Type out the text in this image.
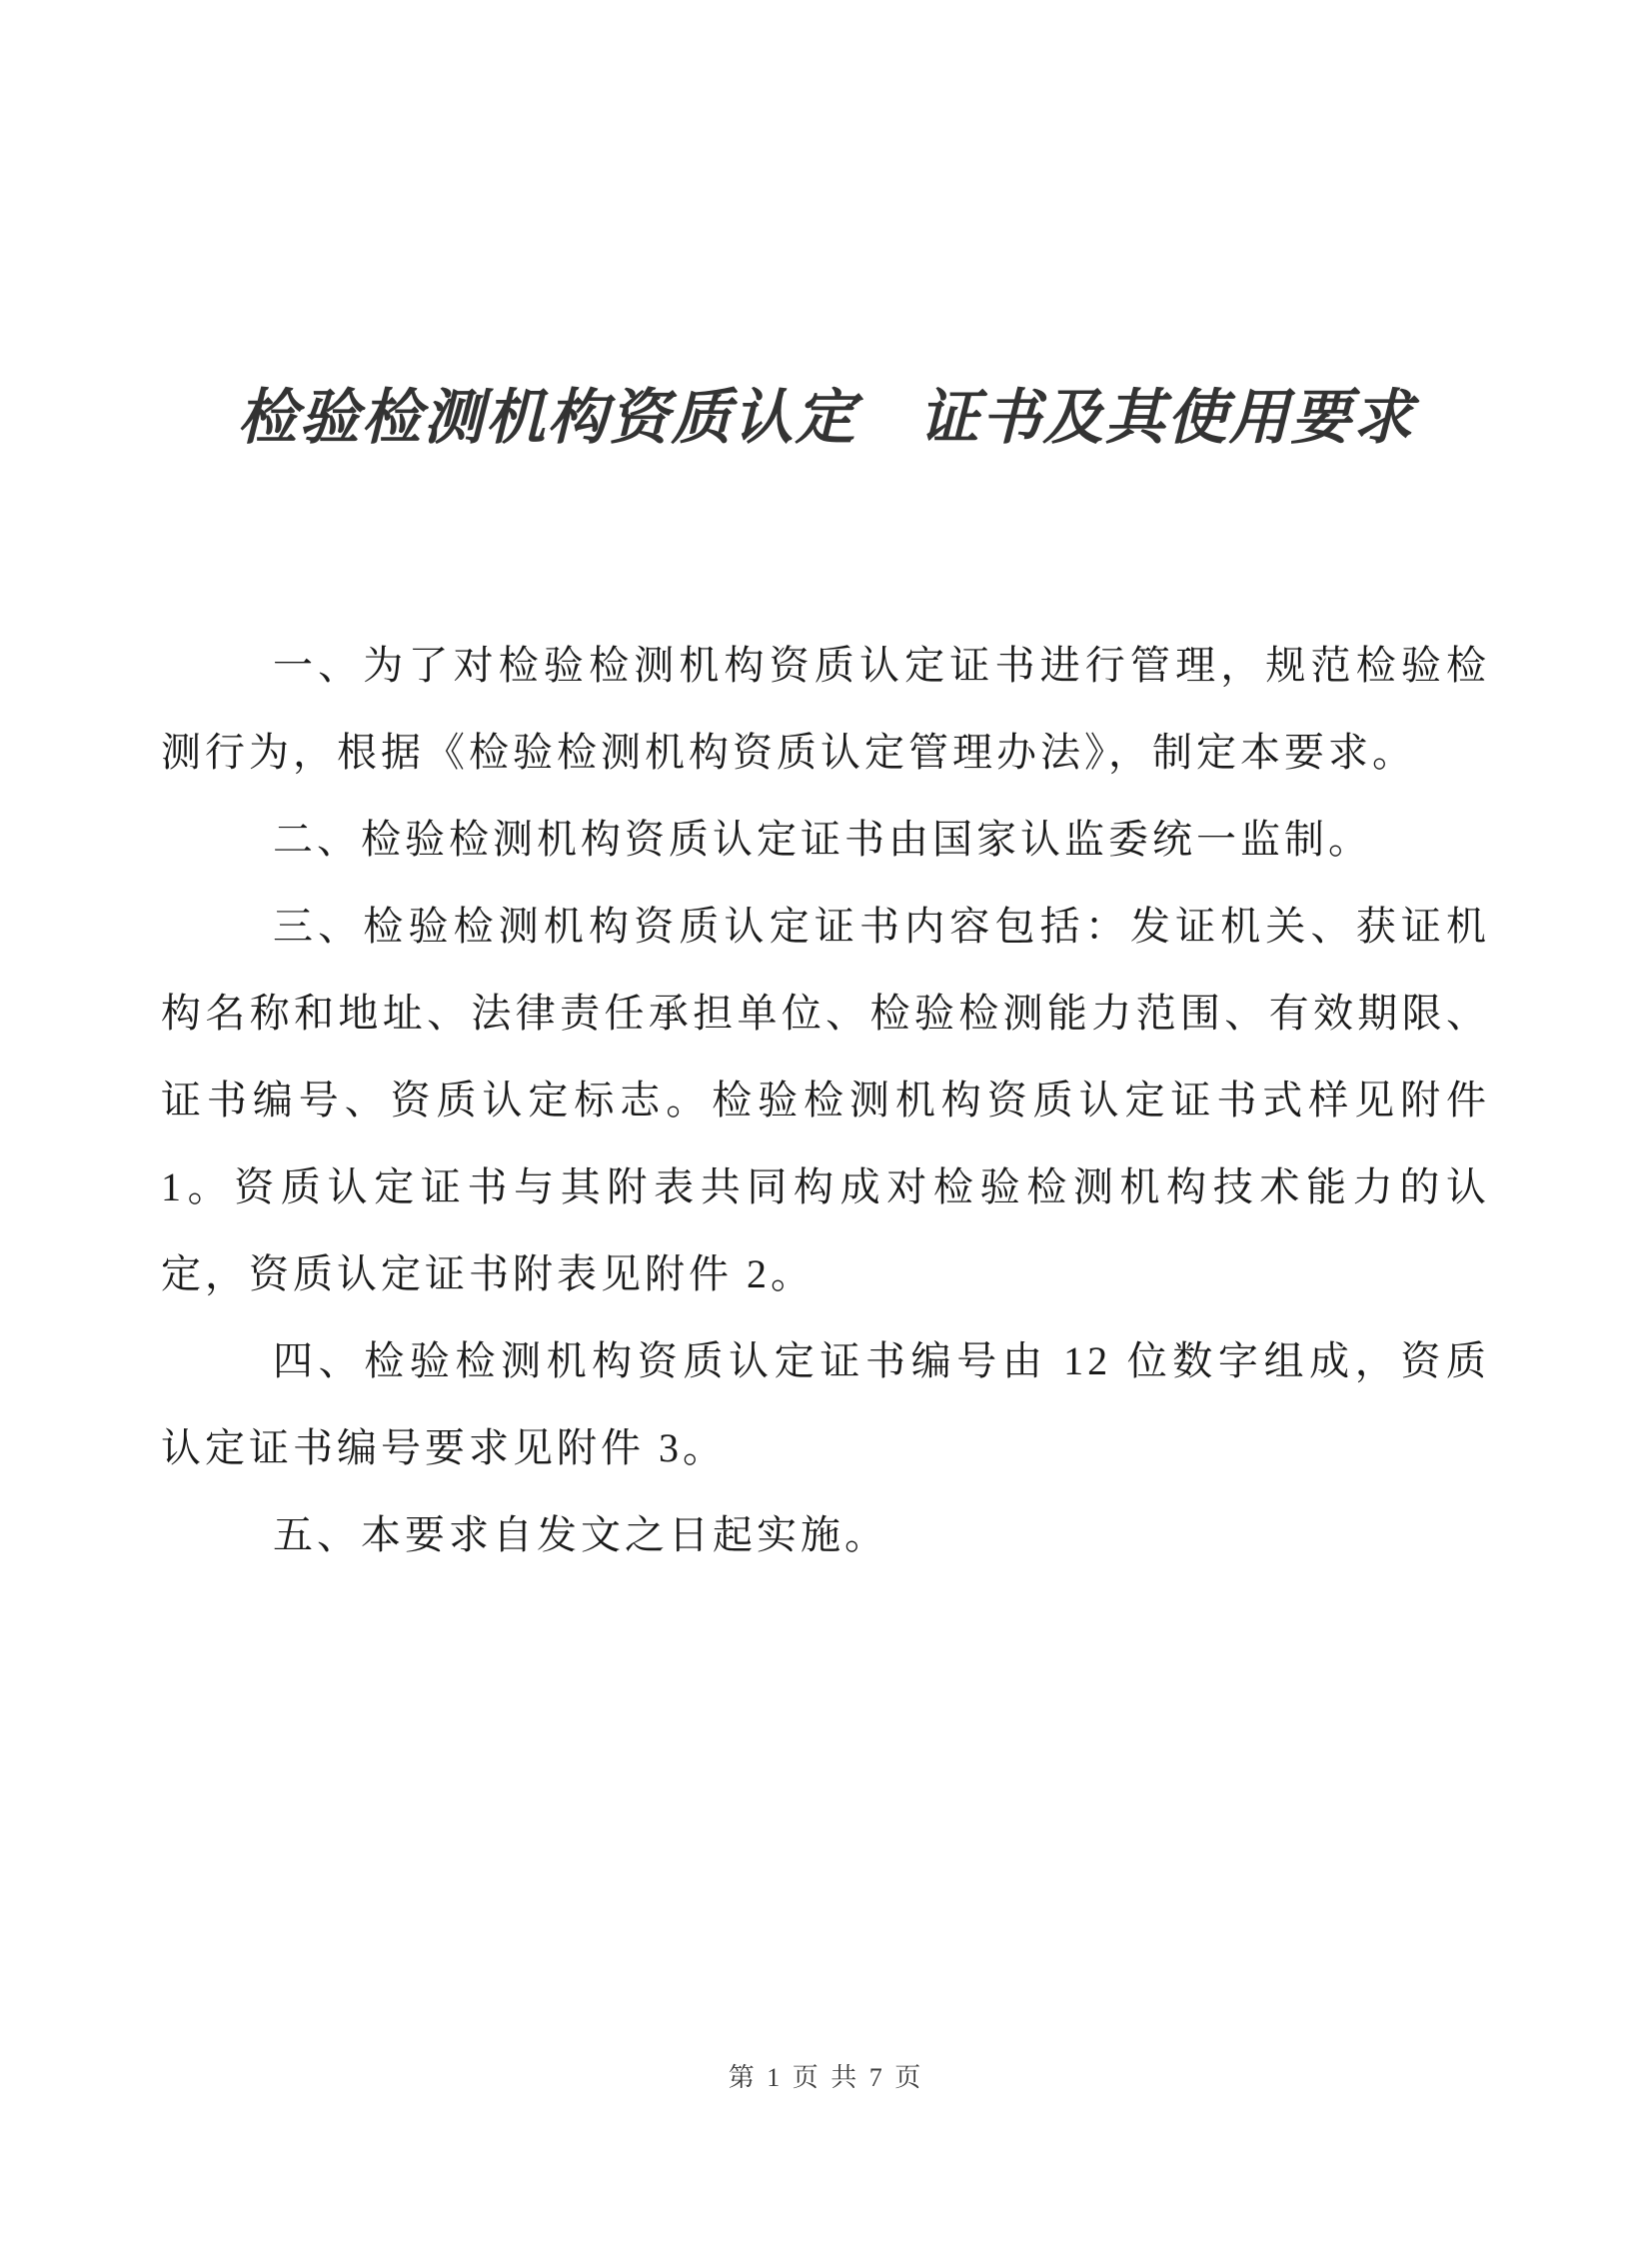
检验检测机构资质认定　证书及其使用要求

一、为了对检验检测机构资质认定证书进行管理，规范检验检测行为，根据《检验检测机构资质认定管理办法》，制定本要求。

二、检验检测机构资质认定证书由国家认监委统一监制。

三、检验检测机构资质认定证书内容包括：发证机关、获证机构名称和地址、法律责任承担单位、检验检测能力范围、有效期限、证书编号、资质认定标志。检验检测机构资质认定证书式样见附件 1。资质认定证书与其附表共同构成对检验检测机构技术能力的认定，资质认定证书附表见附件 2。

四、检验检测机构资质认定证书编号由 12 位数字组成，资质认定证书编号要求见附件 3。

五、本要求自发文之日起实施。

第 1 页 共 7 页
